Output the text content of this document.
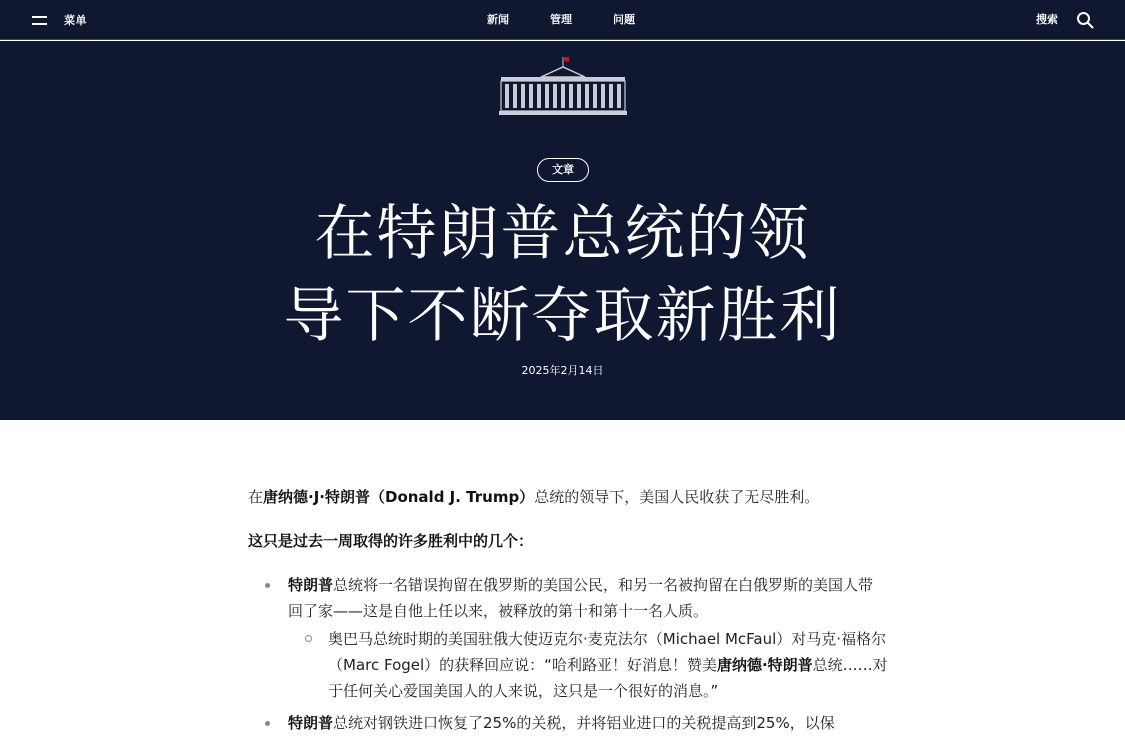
菜单	新闻	管理	问题	搜索
文章
在特朗普总统的领
导下不断夺取新胜利
2025年2月14日

在唐纳德·J·特朗普（Donald J. Trump）总统的领导下，美国人民收获了无尽胜利。

这只是过去一周取得的许多胜利中的几个：

特朗普总统将一名错误拘留在俄罗斯的美国公民，和另一名被拘留在白俄罗斯的美国人带回了家——这是自他上任以来，被释放的第十和第十一名人质。
奥巴马总统时期的美国驻俄大使迈克尔·麦克法尔（Michael McFaul）对马克·福格尔（Marc Fogel）的获释回应说：“哈利路亚！好消息！赞美唐纳德·特朗普总统……对于任何关心爱国美国人的人来说，这只是一个很好的消息。”
特朗普总统对钢铁进口恢复了25%的关税，并将铝业进口的关税提高到25%，以保
